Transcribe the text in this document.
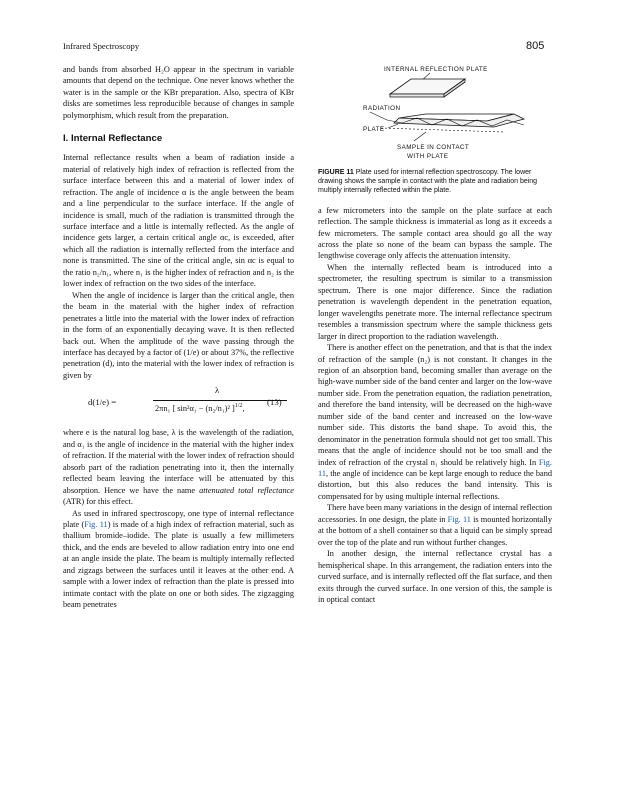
Infrared Spectroscopy	805

and bands from absorbed H₂O appear in the spectrum in variable amounts that depend on the technique. One never knows whether the water is in the sample or the KBr preparation. Also, spectra of KBr disks are sometimes less reproducible because of changes in sample polymorphism, which result from the preparation.

I. Internal Reflectance

Internal reflectance results when a beam of radiation inside a material of relatively high index of refraction is reflected from the surface interface between this and a material of lower index of refraction. The angle of incidence α is the angle between the beam and a line perpendicular to the surface interface. If the angle of incidence is small, much of the radiation is transmitted through the surface interface and a little is internally reflected. As the angle of incidence gets larger, a certain critical angle αc, is exceeded, after which all the radiation is internally reflected from the interface and none is transmitted. The sine of the critical angle, sin αc is equal to the ratio n₂/n₁, where n₁ is the higher index of refraction and n₂ is the lower index of refraction on the two sides of the interface.

When the angle of incidence is larger than the critical angle, then the beam in the material with the higher index of refraction penetrates a little into the material with the lower index of refraction in the form of an exponentially decaying wave. It is then reflected back out. When the amplitude of the wave passing through the interface has decayed by a factor of (1/e) or about 37%, the reflective penetration (d), into the material with the lower index of refraction is given by

d(1/e) =
λ
2πn₁ [ sin²α₁ − (n₂/n₁)² ]$^{1/2}$,
(13)

where e is the natural log base, λ is the wavelength of the radiation, and α₁ is the angle of incidence in the material with the higher index of refraction. If the material with the lower index of refraction should absorb part of the radiation penetrating into it, then the internally reflected beam leaving the interface will be attenuated by this absorption. Hence we have the name attenuated total reflectance (ATR) for this effect.

As used in infrared spectroscopy, one type of internal reflectance plate (Fig. 11) is made of a high index of refraction material, such as thallium bromide–iodide. The plate is usually a few millimeters thick, and the ends are beveled to allow radiation entry into one end at an angle inside the plate. The beam is multiply internally reflected and zigzags between the surfaces until it leaves at the other end. A sample with a lower index of refraction than the plate is pressed into intimate contact with the plate on one or both sides. The zigzagging beam penetrates

INTERNAL REFLECTION PLATE
RADIATION
PLATE
SAMPLE IN CONTACT
WITH PLATE
FIGURE 11 Plate used for internal reflection spectroscopy. The lower drawing shows the sample in contact with the plate and radiation being multiply internally reflected within the plate.

a few micrometers into the sample on the plate surface at each reflection. The sample thickness is immaterial as long as it exceeds a few micrometers. The sample contact area should go all the way across the plate so none of the beam can bypass the sample. The lengthwise coverage only affects the attenuation intensity.

When the internally reflected beam is introduced into a spectrometer, the resulting spectrum is similar to a transmission spectrum. There is one major difference. Since the radiation penetration is wavelength dependent in the penetration equation, longer wavelengths penetrate more. The internal reflectance spectrum resembles a transmission spectrum where the sample thickness gets larger in direct proportion to the radiation wavelength.

There is another effect on the penetration, and that is that the index of refraction of the sample (n₂) is not constant. It changes in the region of an absorption band, becoming smaller than average on the high-wave number side of the band center and larger on the low-wave number side. From the penetration equation, the radiation penetration, and therefore the band intensity, will be decreased on the high-wave number side of the band center and increased on the low-wave number side. This distorts the band shape. To avoid this, the denominator in the penetration formula should not get too small. This means that the angle of incidence should not be too small and the index of refraction of the crystal n₁ should be relatively high. In Fig. 11, the angle of incidence can be kept large enough to reduce the band distortion, but this also reduces the band intensity. This is compensated for by using multiple internal reflections.

There have been many variations in the design of internal reflection accessories. In one design, the plate in Fig. 11 is mounted horizontally at the bottom of a shell container so that a liquid can be simply spread over the top of the plate and run without further changes.

In another design, the internal reflectance crystal has a hemispherical shape. In this arrangement, the radiation enters into the curved surface, and is internally reflected off the flat surface, and then exits through the curved surface. In one version of this, the sample is in optical contact
